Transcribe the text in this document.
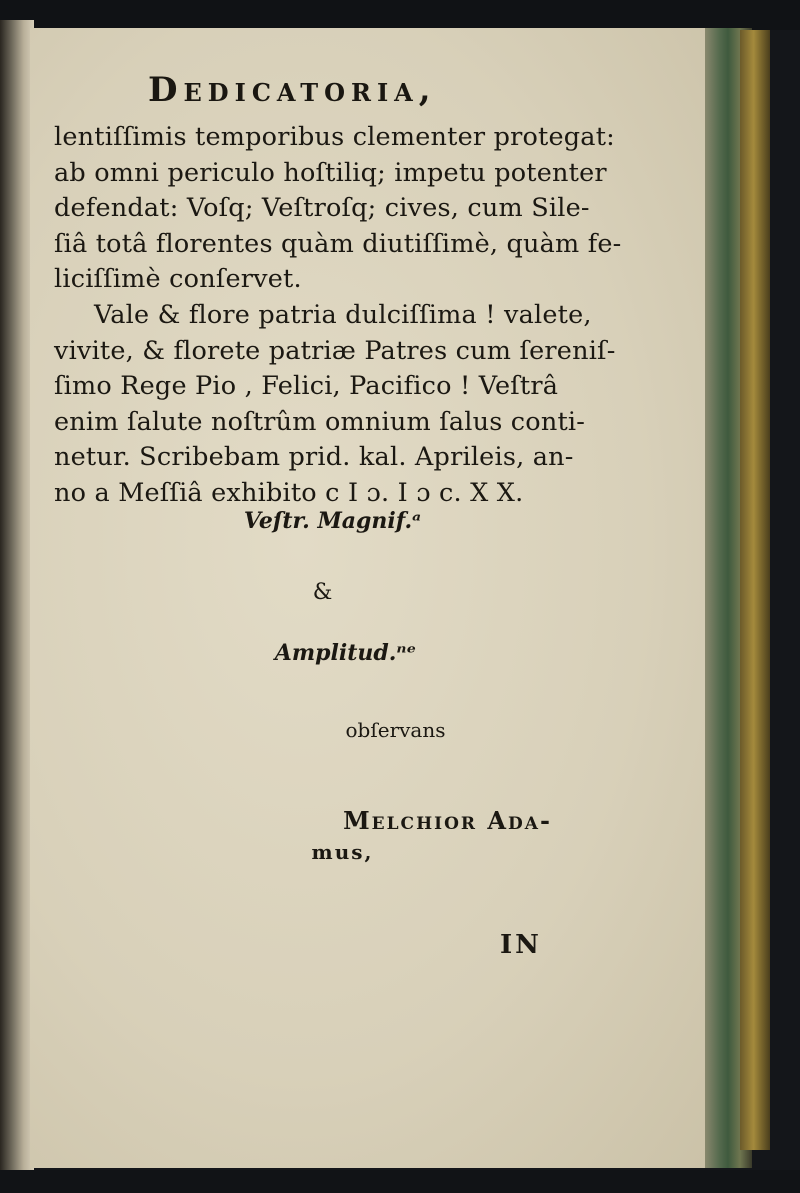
Dedicatoria,
lentiſſimis temporibus clementer protegat:
ab omni periculo hoſtiliq; impetu potenter
defendat: Voſq; Veſtroſq; cives, cum Sile-
ſiâ totâ florentes quàm diutiſſimè, quàm fe-
liciſſimè conſervet.
Vale & flore patria dulciſſima ! valete,
vivite, & florete patriæ Patres cum ſereniſ-
ſimo Rege Pio , Felici, Pacifico ! Veſtrâ
enim ſalute noſtrûm omnium ſalus conti-
netur. Scribebam prid. kal. Aprileis, an-
no a Meſſiâ exhibito c I ɔ. I ɔ c. X X.
Veſtr. Magnif.ᵃ
&
Amplitud.ⁿᵉ
obſervans
Melchior Ada-
mus,
IN
